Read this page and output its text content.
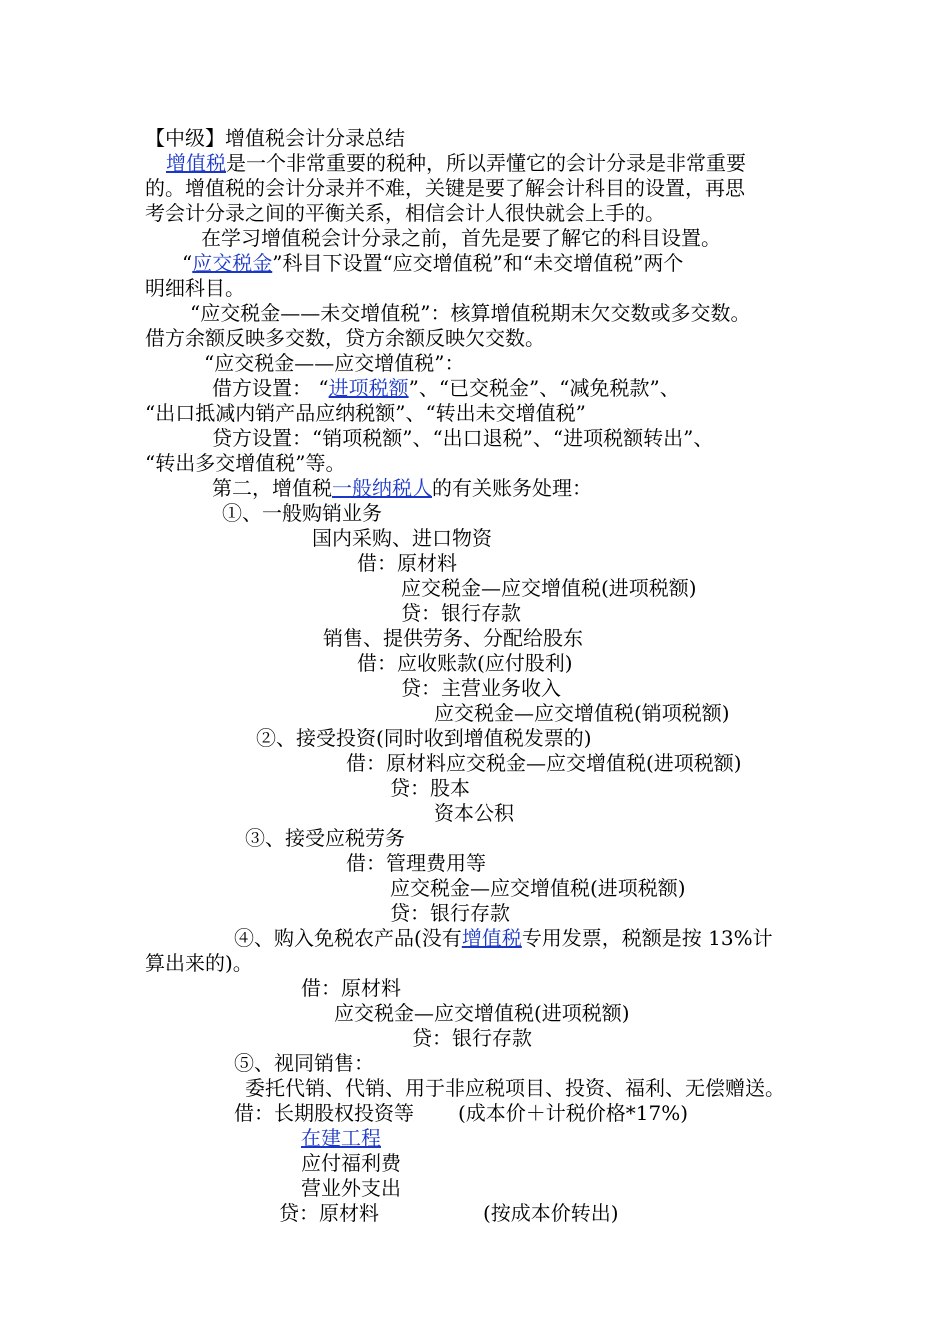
【中级】增值税会计分录总结

增值税是一个非常重要的税种，所以弄懂它的会计分录是非常重要

的。增值税的会计分录并不难，关键是要了解会计科目的设置，再思

考会计分录之间的平衡关系，相信会计人很快就会上手的。

在学习增值税会计分录之前，首先是要了解它的科目设置。

“应交税金”科目下设置“应交增值税”和“未交增值税”两个

明细科目。

“应交税金——未交增值税”：核算增值税期末欠交数或多交数。

借方余额反映多交数，贷方余额反映欠交数。

“应交税金——应交增值税”：

借方设置： “进项税额”、“已交税金”、“减免税款”、

“出口抵减内销产品应纳税额”、“转出未交增值税”

贷方设置：“销项税额”、“出口退税”、“进项税额转出”、

“转出多交增值税”等。

第二，增值税一般纳税人的有关账务处理：

①、一般购销业务

国内采购、进口物资

借：原材料

应交税金—应交增值税(进项税额)

贷：银行存款

销售、提供劳务、分配给股东

借：应收账款(应付股利)

贷：主营业务收入

应交税金—应交增值税(销项税额)

②、接受投资(同时收到增值税发票的)

借：原材料应交税金—应交增值税(进项税额)

贷：股本

资本公积

③、接受应税劳务

借：管理费用等

应交税金—应交增值税(进项税额)

贷：银行存款

④、购入免税农产品(没有增值税专用发票，税额是按 13%计

算出来的)。

借：原材料

应交税金—应交增值税(进项税额)

贷：银行存款

⑤、视同销售：

委托代销、代销、用于非应税项目、投资、福利、无偿赠送。

借：长期股权投资等 (成本价＋计税价格*17%)

在建工程

应付福利费

营业外支出

贷：原材料	(按成本价转出)
